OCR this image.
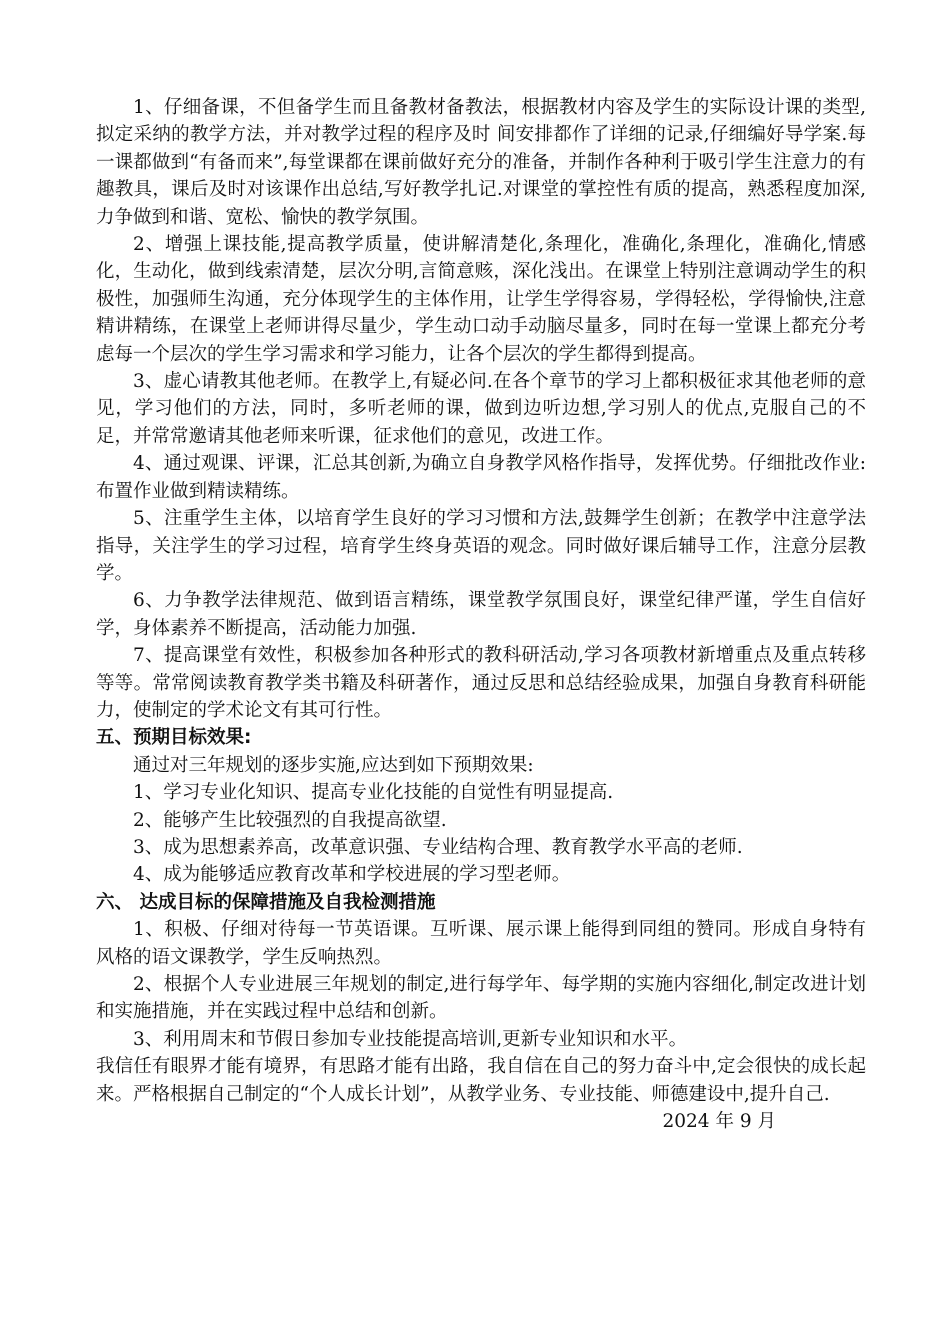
1、仔细备课，不但备学生而且备教材备教法，根据教材内容及学生的实际设计课的类型,拟定采纳的教学方法，并对教学过程的程序及时 间安排都作了详细的记录,仔细编好导学案.每一课都做到“有备而来”,每堂课都在课前做好充分的准备，并制作各种利于吸引学生注意力的有趣教具，课后及时对该课作出总结,写好教学扎记.对课堂的掌控性有质的提高，熟悉程度加深,力争做到和谐、宽松、愉快的教学氛围。

2、增强上课技能,提高教学质量，使讲解清楚化,条理化，准确化,条理化，准确化,情感化，生动化，做到线索清楚，层次分明,言简意赅，深化浅出。在课堂上特别注意调动学生的积极性，加强师生沟通，充分体现学生的主体作用，让学生学得容易，学得轻松，学得愉快,注意精讲精练，在课堂上老师讲得尽量少，学生动口动手动脑尽量多，同时在每一堂课上都充分考虑每一个层次的学生学习需求和学习能力，让各个层次的学生都得到提高。

3、虚心请教其他老师。在教学上,有疑必问.在各个章节的学习上都积极征求其他老师的意见，学习他们的方法，同时，多听老师的课，做到边听边想,学习别人的优点,克服自己的不足，并常常邀请其他老师来听课，征求他们的意见，改进工作。

4、通过观课、评课，汇总其创新,为确立自身教学风格作指导，发挥优势。仔细批改作业:布置作业做到精读精练。

5、注重学生主体，以培育学生良好的学习习惯和方法,鼓舞学生创新；在教学中注意学法指导，关注学生的学习过程，培育学生终身英语的观念。同时做好课后辅导工作，注意分层教学。

6、力争教学法律规范、做到语言精练，课堂教学氛围良好，课堂纪律严谨，学生自信好学，身体素养不断提高，活动能力加强.

7、提高课堂有效性，积极参加各种形式的教科研活动,学习各项教材新增重点及重点转移等等。常常阅读教育教学类书籍及科研著作，通过反思和总结经验成果，加强自身教育科研能力，使制定的学术论文有其可行性。

五、预期目标效果:

通过对三年规划的逐步实施,应达到如下预期效果:

1、学习专业化知识、提高专业化技能的自觉性有明显提高.

2、能够产生比较强烈的自我提高欲望.

3、成为思想素养高，改革意识强、专业结构合理、教育教学水平高的老师.

4、成为能够适应教育改革和学校进展的学习型老师。

六、 达成目标的保障措施及自我检测措施

1、积极、仔细对待每一节英语课。互听课、展示课上能得到同组的赞同。形成自身特有风格的语文课教学，学生反响热烈。

2、根据个人专业进展三年规划的制定,进行每学年、每学期的实施内容细化,制定改进计划和实施措施，并在实践过程中总结和创新。

3、利用周末和节假日参加专业技能提高培训,更新专业知识和水平。

我信任有眼界才能有境界，有思路才能有出路，我自信在自己的努力奋斗中,定会很快的成长起来。严格根据自己制定的“个人成长计划”，从教学业务、专业技能、师德建设中,提升自己.

2024 年 9 月
